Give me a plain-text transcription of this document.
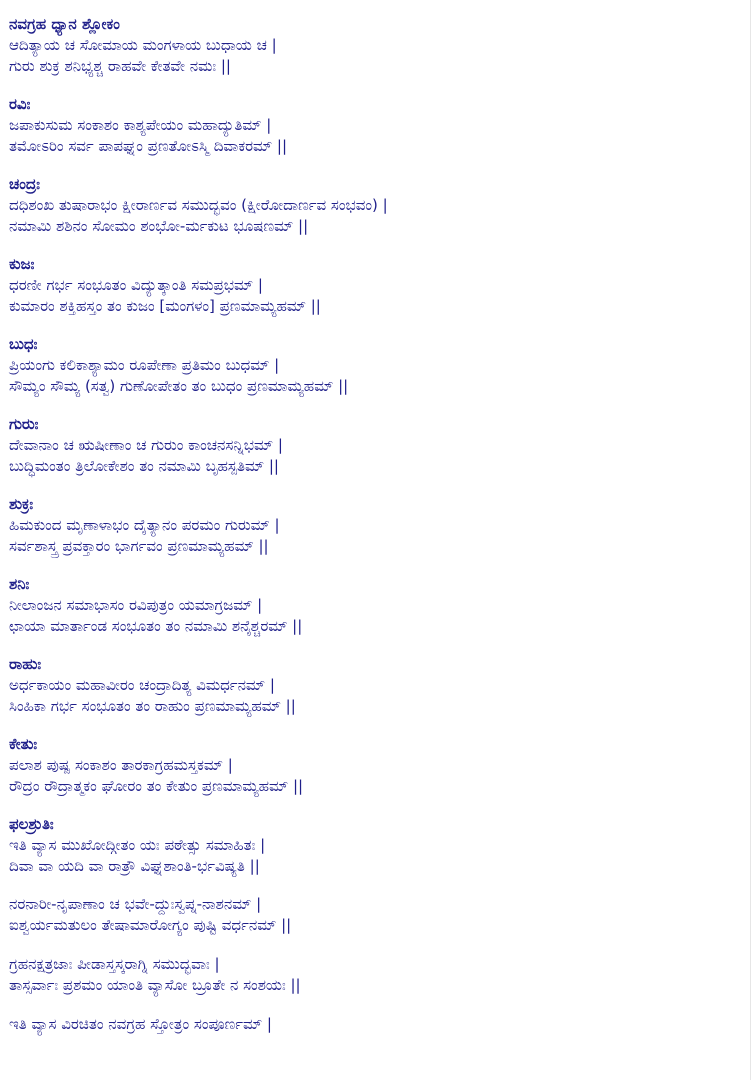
ನವಗ್ರಹ ಧ್ಯಾನ ಶ್ಲೋಕಂ
ಆದಿತ್ಯಾಯ ಚ ಸೋಮಾಯ ಮಂಗಳಾಯ ಬುಧಾಯ ಚ |
ಗುರು ಶುಕ್ರ ಶನಿಭ್ಯಶ್ಚ ರಾಹವೇ ಕೇತವೇ ನಮಃ ||
ರವಿಃ
ಜಪಾಕುಸುಮ ಸಂಕಾಶಂ ಕಾಶ್ಯಪೇಯಂ ಮಹಾದ್ಯುತಿಮ್ |
ತಮೋಽರಿಂ ಸರ್ವ ಪಾಪಘ್ನಂ ಪ್ರಣತೋಽಸ್ಮಿ ದಿವಾಕರಮ್ ||
ಚಂದ್ರಃ
ದಧಿಶಂಖ ತುಷಾರಾಭಂ ಕ್ಷೀರಾರ್ಣವ ಸಮುದ್ಭವಂ (ಕ್ಷೀರೋದಾರ್ಣವ ಸಂಭವಂ) |
ನಮಾಮಿ ಶಶಿನಂ ಸೋಮಂ ಶಂಭೋ-ರ್ಮಕುಟ ಭೂಷಣಮ್ ||
ಕುಜಃ
ಧರಣೀ ಗರ್ಭ ಸಂಭೂತಂ ವಿದ್ಯುತ್ಕಾಂತಿ ಸಮಪ್ರಭಮ್ |
ಕುಮಾರಂ ಶಕ್ತಿಹಸ್ತಂ ತಂ ಕುಜಂ [ಮಂಗಳಂ] ಪ್ರಣಮಾಮ್ಯಹಮ್ ||
ಬುಧಃ
ಪ್ರಿಯಂಗು ಕಲಿಕಾಶ್ಯಾಮಂ ರೂಪೇಣಾ ಪ್ರತಿಮಂ ಬುಧಮ್ |
ಸೌಮ್ಯಂ ಸೌಮ್ಯ (ಸತ್ವ) ಗುಣೋಪೇತಂ ತಂ ಬುಧಂ ಪ್ರಣಮಾಮ್ಯಹಮ್ ||
ಗುರುಃ
ದೇವಾನಾಂ ಚ ಋಷೀಣಾಂ ಚ ಗುರುಂ ಕಾಂಚನಸನ್ನಿಭಮ್ |
ಬುದ್ಧಿಮಂತಂ ತ್ರಿಲೋಕೇಶಂ ತಂ ನಮಾಮಿ ಬೃಹಸ್ಪತಿಮ್ ||
ಶುಕ್ರಃ
ಹಿಮಕುಂದ ಮೃಣಾಳಾಭಂ ದೈತ್ಯಾನಂ ಪರಮಂ ಗುರುಮ್ |
ಸರ್ವಶಾಸ್ತ್ರ ಪ್ರವಕ್ತಾರಂ ಭಾರ್ಗವಂ ಪ್ರಣಮಾಮ್ಯಹಮ್ ||
ಶನಿಃ
ನೀಲಾಂಜನ ಸಮಾಭಾಸಂ ರವಿಪುತ್ರಂ ಯಮಾಗ್ರಜಮ್ |
ಛಾಯಾ ಮಾರ್ತಾಂಡ ಸಂಭೂತಂ ತಂ ನಮಾಮಿ ಶನೈಶ್ಚರಮ್ ||
ರಾಹುಃ
ಅರ್ಧಕಾಯಂ ಮಹಾವೀರಂ ಚಂದ್ರಾದಿತ್ಯ ವಿಮರ್ಧನಮ್ |
ಸಿಂಹಿಕಾ ಗರ್ಭ ಸಂಭೂತಂ ತಂ ರಾಹುಂ ಪ್ರಣಮಾಮ್ಯಹಮ್ ||
ಕೇತುಃ
ಪಲಾಶ ಪುಷ್ಪ ಸಂಕಾಶಂ ತಾರಕಾಗ್ರಹಮಸ್ತಕಮ್ |
ರೌದ್ರಂ ರೌದ್ರಾತ್ಮಕಂ ಘೋರಂ ತಂ ಕೇತುಂ ಪ್ರಣಮಾಮ್ಯಹಮ್ ||
ಫಲಶ್ರುತಿಃ
ಇತಿ ವ್ಯಾಸ ಮುಖೋದ್ಗೀತಂ ಯಃ ಪಠೇತ್ಸು ಸಮಾಹಿತಃ |
ದಿವಾ ವಾ ಯದಿ ವಾ ರಾತ್ರೌ ವಿಘ್ನಶಾಂತಿ-ರ್ಭವಿಷ್ಯತಿ ||
ನರನಾರೀ-ನೃಪಾಣಾಂ ಚ ಭವೇ-ದ್ದುಃಸ್ವಪ್ನ-ನಾಶನಮ್ |
ಐಶ್ವರ್ಯಮತುಲಂ ತೇಷಾಮಾರೋಗ್ಯಂ ಪುಷ್ಟಿ ವರ್ಧನಮ್ ||
ಗ್ರಹನಕ್ಷತ್ರಜಾಃ ಪೀಡಾಸ್ತಸ್ಕರಾಗ್ನಿ ಸಮುದ್ಭವಾಃ |
ತಾಸ್ಸರ್ವಾಃ ಪ್ರಶಮಂ ಯಾಂತಿ ವ್ಯಾಸೋ ಬ್ರೂತೇ ನ ಸಂಶಯಃ ||
ಇತಿ ವ್ಯಾಸ ವಿರಚಿತಂ ನವಗ್ರಹ ಸ್ತೋತ್ರಂ ಸಂಪೂರ್ಣಮ್ |
